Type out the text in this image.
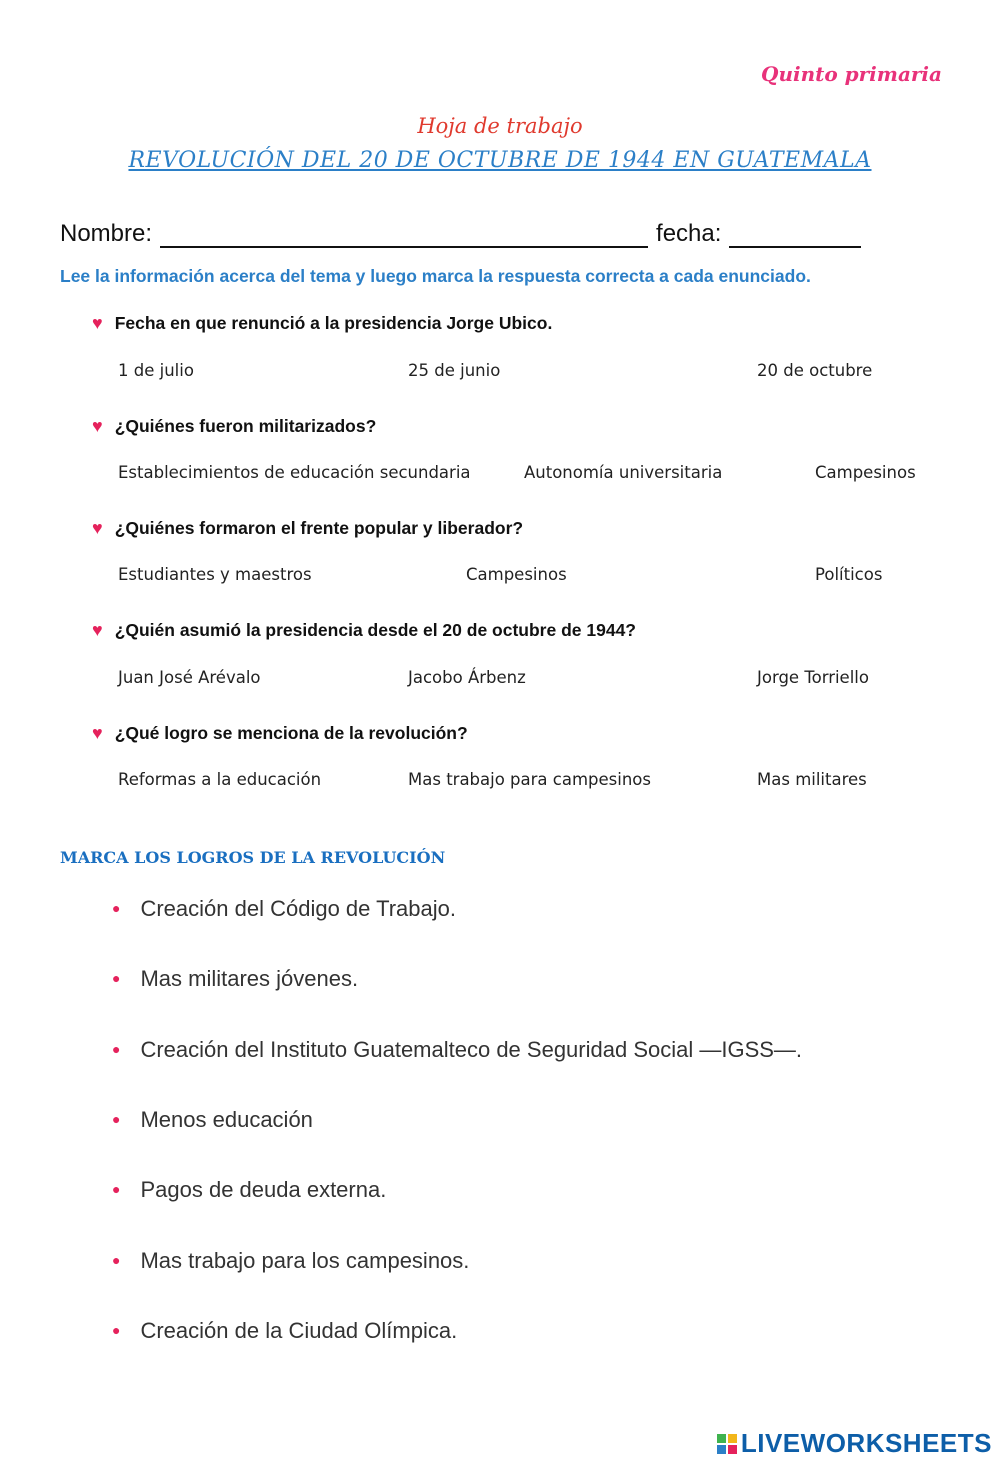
Quinto primaria
Hoja de trabajo
REVOLUCIÓN DEL 20 DE OCTUBRE DE 1944 EN GUATEMALA
Nombre:	fecha:
Lee la información acerca del tema y luego marca la respuesta correcta a cada enunciado.
♥ Fecha en que renunció a la presidencia Jorge Ubico.
1 de julio	25 de junio	20 de octubre
♥ ¿Quiénes fueron militarizados?
Establecimientos de educación secundaria	Autonomía universitaria	Campesinos
♥ ¿Quiénes formaron el frente popular y liberador?
Estudiantes y maestros	Campesinos	Políticos
♥ ¿Quién asumió la presidencia desde el 20 de octubre de 1944?
Juan José Arévalo	Jacobo Árbenz	Jorge Torriello
♥ ¿Qué logro se menciona de la revolución?
Reformas a la educación	Mas trabajo para campesinos	Mas militares
MARCA LOS LOGROS DE LA REVOLUCIÓN
● Creación del Código de Trabajo.
● Mas militares jóvenes.
● Creación del Instituto Guatemalteco de Seguridad Social —IGSS—.
● Menos educación
● Pagos de deuda externa.
● Mas trabajo para los campesinos.
● Creación de la Ciudad Olímpica.
LIVEWORKSHEETS
